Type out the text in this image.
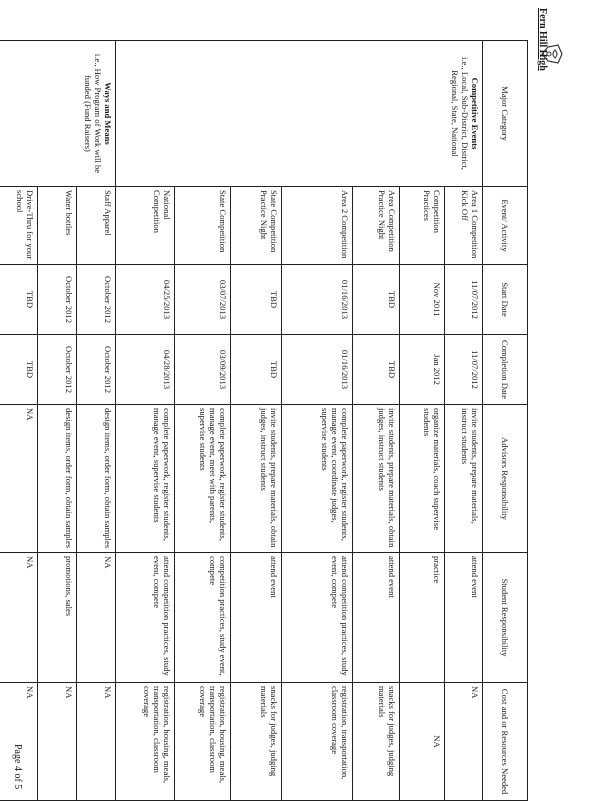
Fern Hill High
Major Category	Event/ Activity	Start Date	Completion Date	Advisors Responsibility	Student Responsibility	Cost and or Resources Needed

Competitive Events
i.e., Local, Sub-District, District, Regional, State, National	Area 1 Competition Kick Off	11/07/2012	11/07/2012	invite students, prepare materials, instruct students	attend event	NA
	Competition Practices	Nov 2011	Jan 2012	organize materials, coach supervise students	practice	NA
	Area Competition Practice Night	TBD	TBD	invite students, prepare materials, obtain judges, instruct students	attend event	snacks for judges, judging materials
	Area 2 Competition	01/16/2013	01/16/2013	complete paperwork, register students, manage event, coordinate judges, supervise students	attend competition practices, study event, compete	registration, transportation, classroom coverage
	State Competition Practice Night	TBD	TBD	invite students, prepare materials, obtain judges, instruct students	attend event	snacks for judges, judging materials
	State Competition	03/07/2013	03/09/2013	complete paperwork, register students, manage event, meet with parents, supervise students	competition practices, study event, compete	registration, housing, meals, transportation, classroom coverage
	National Competition	04/25/2013	04/28/2013	complete paperwork, register students, manage event, supervise students	attend competition practices, study event, compete	registration, housing, meals, transportation, classroom coverage

Ways and Means
i.e., How Program of Work will be funded (Fund Raisers)	Staff Apparel	October 2012	October 2012	design items, order form, obtain samples	NA	NA
	Water bottles	October 2012	October 2012	design items, order form, obtain samples	promotions, sales	NA
	Drive-Thru for your school	TBD	TBD	NA	NA	NA
Page 4 of 5
